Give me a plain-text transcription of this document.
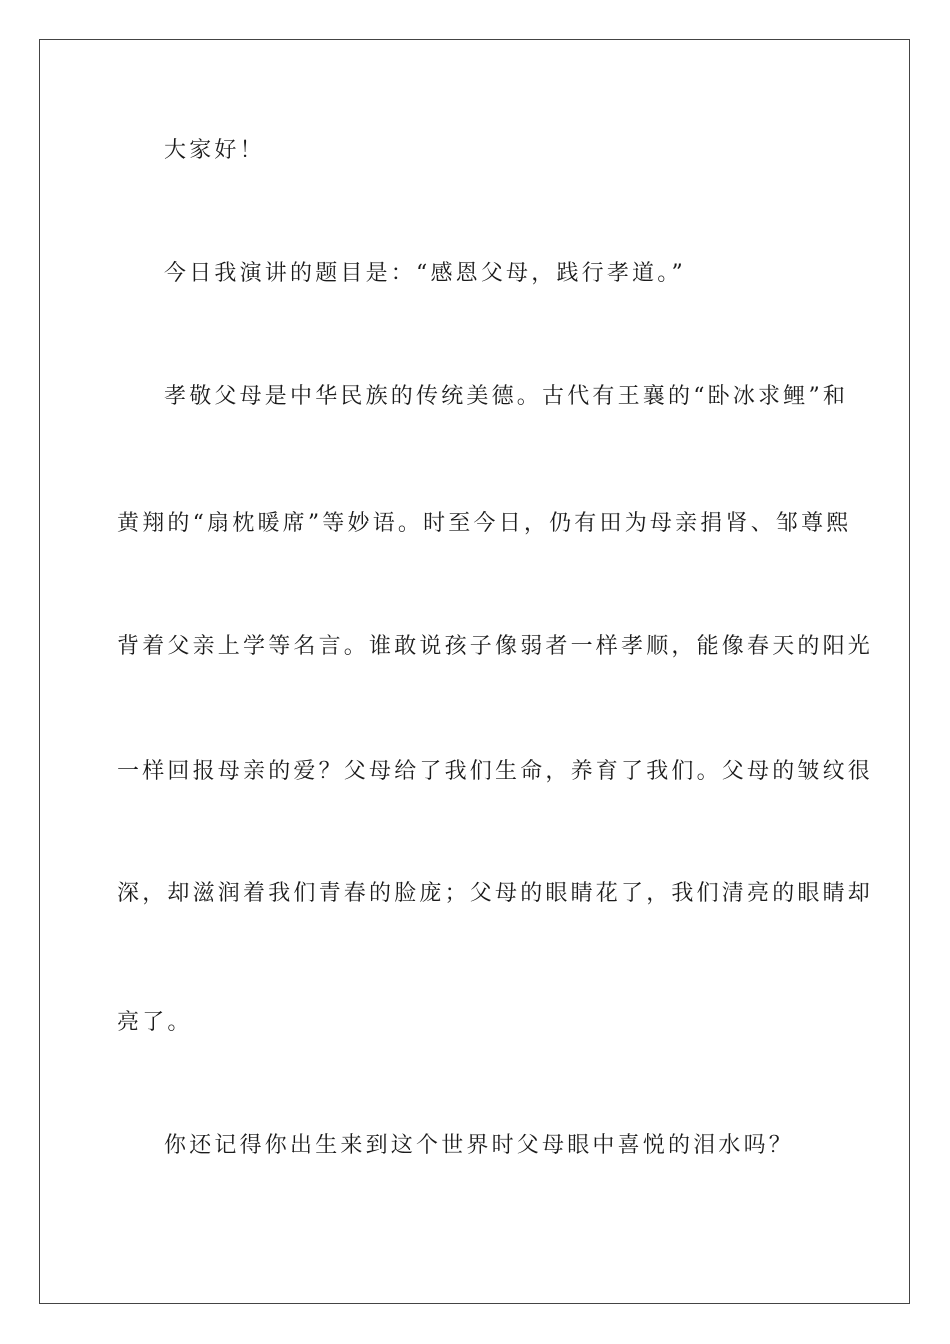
大家好！

今日我演讲的题目是：“感恩父母，践行孝道。”

孝敬父母是中华民族的传统美德。古代有王襄的“卧冰求鲤”和

黄翔的“扇枕暖席”等妙语。时至今日，仍有田为母亲捐肾、邹尊熙

背着父亲上学等名言。谁敢说孩子像弱者一样孝顺，能像春天的阳光

一样回报母亲的爱？父母给了我们生命，养育了我们。父母的皱纹很

深，却滋润着我们青春的脸庞；父母的眼睛花了，我们清亮的眼睛却

亮了。

你还记得你出生来到这个世界时父母眼中喜悦的泪水吗？
